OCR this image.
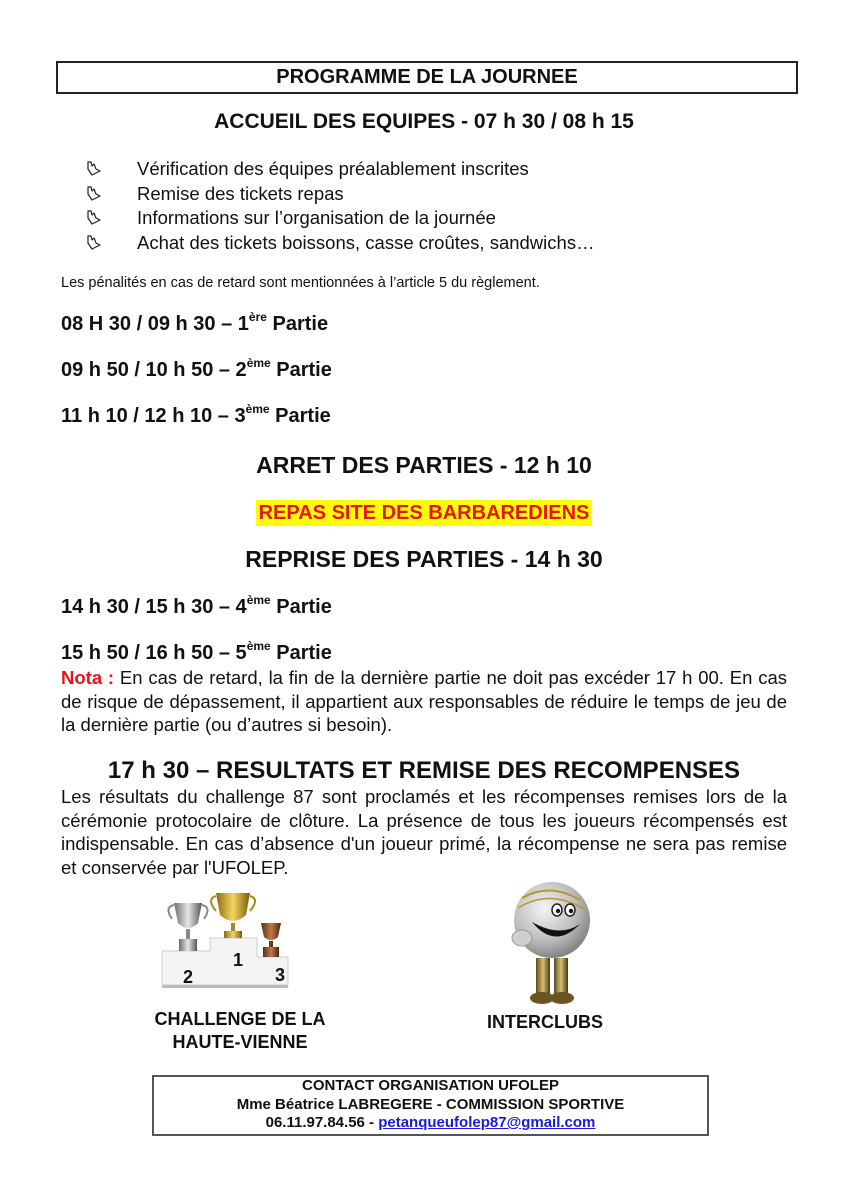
PROGRAMME DE LA JOURNEE
ACCUEIL DES EQUIPES - 07 h 30 / 08 h 15
Vérification des équipes préalablement inscrites
Remise des tickets repas
Informations sur l’organisation de la journée
Achat des tickets boissons, casse croûtes, sandwichs…
Les pénalités en cas de retard sont mentionnées à l’article 5 du règlement.
08 H 30 / 09 h 30 – 1ère Partie
09 h 50 / 10 h 50 – 2ème Partie
11 h 10 / 12 h 10 – 3ème Partie
ARRET DES PARTIES - 12 h 10
REPAS SITE DES BARBAREDIENS
REPRISE DES PARTIES - 14 h 30
14 h 30 / 15 h 30 – 4ème Partie
15 h 50 / 16 h 50 – 5ème Partie
Nota : En cas de retard, la fin de la dernière partie ne doit pas excéder 17 h 00. En cas de risque de dépassement, il appartient aux responsables de réduire le temps de jeu de la dernière partie (ou d’autres si besoin).
17 h 30 – RESULTATS ET REMISE DES RECOMPENSES
Les résultats du challenge 87 sont proclamés et les récompenses remises lors de la cérémonie protocolaire de clôture. La présence de tous les joueurs récompensés est indispensable. En cas d’absence d'un joueur primé, la récompense ne sera pas remise et conservée par l'UFOLEP.
2
1
3
CHALLENGE DE LA
HAUTE-VIENNE
INTERCLUBS
CONTACT ORGANISATION UFOLEP
Mme Béatrice LABREGERE - COMMISSION SPORTIVE
06.11.97.84.56 - petanqueufolep87@gmail.com
